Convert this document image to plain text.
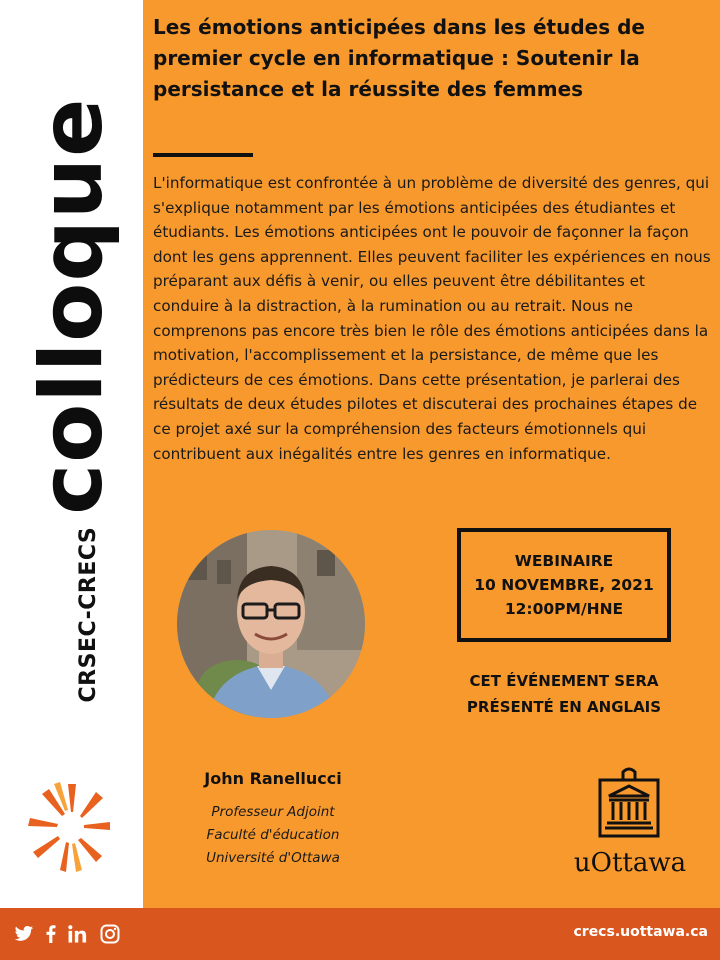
CRSEC-CRECS
colloque
Les émotions anticipées dans les études de premier cycle en informatique : Soutenir la persistance et la réussite des femmes

L'informatique est confrontée à un problème de diversité des genres, qui s'explique notamment par les émotions anticipées des étudiantes et étudiants. Les émotions anticipées ont le pouvoir de façonner la façon dont les gens apprennent. Elles peuvent faciliter les expériences en nous préparant aux défis à venir, ou elles peuvent être débilitantes et conduire à la distraction, à la rumination ou au retrait. Nous ne comprenons pas encore très bien le rôle des émotions anticipées dans la motivation, l'accomplissement et la persistance, de même que les prédicteurs de ces émotions. Dans cette présentation, je parlerai des résultats de deux études pilotes et discuterai des prochaines étapes de ce projet axé sur la compréhension des facteurs émotionnels qui contribuent aux inégalités entre les genres en informatique.

John Ranellucci
Professeur Adjoint
Faculté d'éducation
Université d'Ottawa
WEBINAIRE
10 NOVEMBRE, 2021
12:00PM/HNE
CET ÉVÉNEMENT SERA PRÉSENTÉ EN ANGLAIS
uOttawa
crecs.uottawa.ca
